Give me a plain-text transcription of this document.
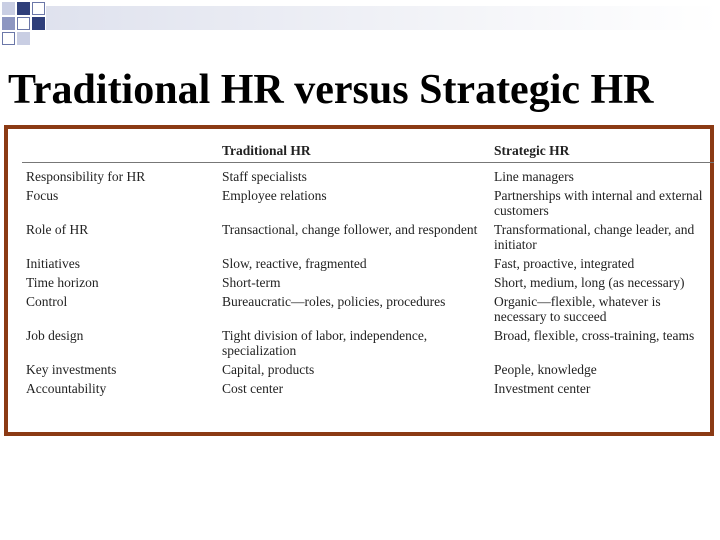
Traditional HR versus Strategic HR
	Traditional HR	Strategic HR
Responsibility for HR	Staff specialists	Line managers
Focus	Employee relations	Partnerships with internal and external customers
Role of HR	Transactional, change follower, and respondent	Transformational, change leader, and initiator
Initiatives	Slow, reactive, fragmented	Fast, proactive, integrated
Time horizon	Short-term	Short, medium, long (as necessary)
Control	Bureaucratic—roles, policies, procedures	Organic—flexible, whatever is necessary to succeed
Job design	Tight division of labor, independence, specialization	Broad, flexible, cross-training, teams
Key investments	Capital, products	People, knowledge
Accountability	Cost center	Investment center
